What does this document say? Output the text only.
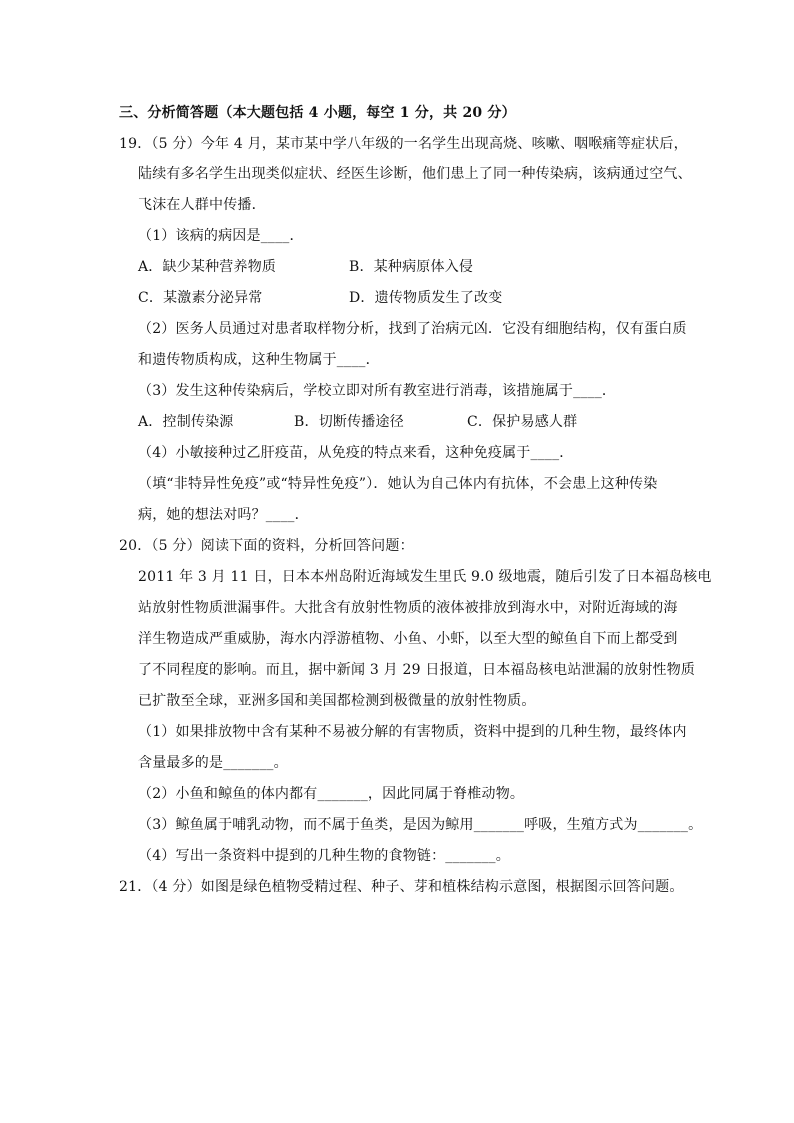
三、分析简答题（本大题包括 4 小题，每空 1 分，共 20 分）
19．（5 分）今年 4 月，某市某中学八年级的一名学生出现高烧、咳嗽、咽喉痛等症状后，
陆续有多名学生出现类似症状、经医生诊断，他们患上了同一种传染病，该病通过空气、
飞沫在人群中传播．
（1）该病的病因是____．
A．缺少某种营养物质	B．某种病原体入侵
C．某激素分泌异常	D．遗传物质发生了改变
（2）医务人员通过对患者取样物分析，找到了治病元凶．它没有细胞结构，仅有蛋白质
和遗传物质构成，这种生物属于____．
（3）发生这种传染病后，学校立即对所有教室进行消毒，该措施属于____．
A．控制传染源	B．切断传播途径	C．保护易感人群
（4）小敏接种过乙肝疫苗，从免疫的特点来看，这种免疫属于____．
（填“非特异性免疫”或“特异性免疫”）．她认为自己体内有抗体，不会患上这种传染
病，她的想法对吗？____．
20．（5 分）阅读下面的资料，分析回答问题：
2011 年 3 月 11 日，日本本州岛附近海域发生里氏 9.0 级地震，随后引发了日本福岛核电
站放射性物质泄漏事件。大批含有放射性物质的液体被排放到海水中，对附近海域的海
洋生物造成严重威胁，海水内浮游植物、小鱼、小虾，以至大型的鲸鱼自下而上都受到
了不同程度的影响。而且，据中新闻 3 月 29 日报道，日本福岛核电站泄漏的放射性物质
已扩散至全球，亚洲多国和美国都检测到极微量的放射性物质。
（1）如果排放物中含有某种不易被分解的有害物质，资料中提到的几种生物，最终体内
含量最多的是_______。
（2）小鱼和鲸鱼的体内都有_______，因此同属于脊椎动物。
（3）鲸鱼属于哺乳动物，而不属于鱼类，是因为鲸用_______呼吸，生殖方式为_______。
（4）写出一条资料中提到的几种生物的食物链：_______。
21．（4 分）如图是绿色植物受精过程、种子、芽和植株结构示意图，根据图示回答问题。
